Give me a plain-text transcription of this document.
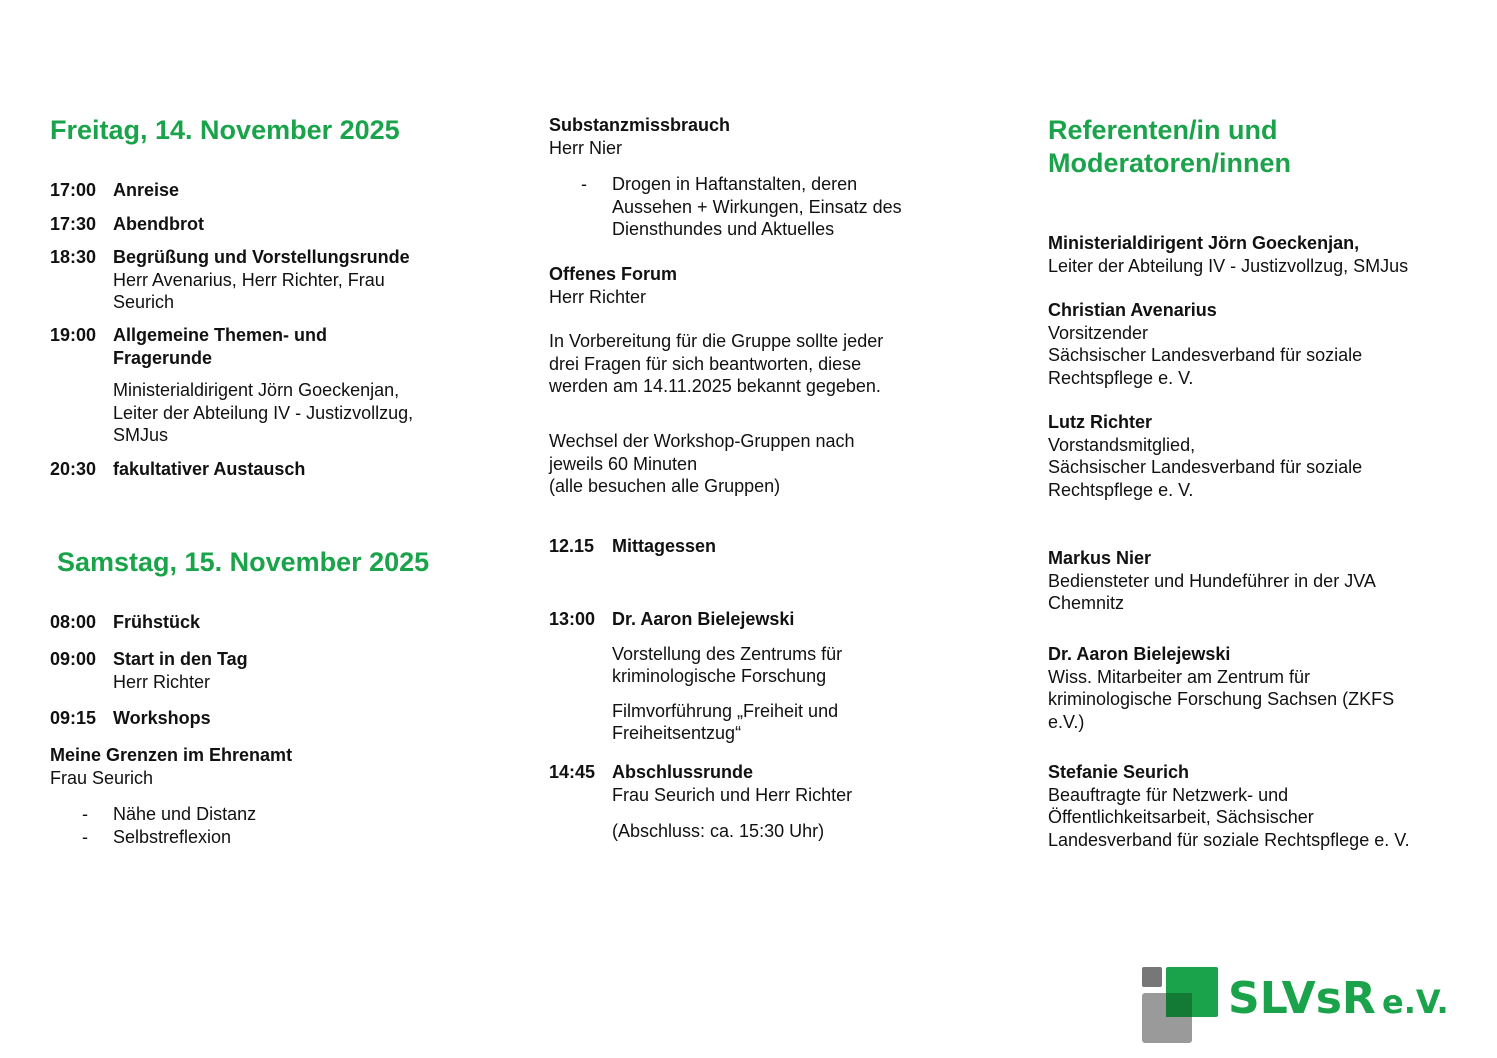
Freitag, 14. November 2025
17:00 Anreise
17:30 Abendbrot
18:30 Begrüßung und Vorstellungsrunde
Herr Avenarius, Herr Richter, Frau
Seurich
19:00 Allgemeine Themen- und
Fragerunde
Ministerialdirigent Jörn Goeckenjan,
Leiter der Abteilung IV - Justizvollzug,
SMJus
20:30 fakultativer Austausch
Samstag, 15. November 2025
08:00 Frühstück
09:00 Start in den Tag
Herr Richter
09:15 Workshops
Meine Grenzen im Ehrenamt
Frau Seurich
- Nähe und Distanz
- Selbstreflexion
Substanzmissbrauch
Herr Nier
- Drogen in Haftanstalten, deren
Aussehen + Wirkungen, Einsatz des
Diensthundes und Aktuelles
Offenes Forum
Herr Richter
In Vorbereitung für die Gruppe sollte jeder
drei Fragen für sich beantworten, diese
werden am 14.11.2025 bekannt gegeben.
Wechsel der Workshop-Gruppen nach
jeweils 60 Minuten
(alle besuchen alle Gruppen)
12.15 Mittagessen
13:00 Dr. Aaron Bielejewski
Vorstellung des Zentrums für
kriminologische Forschung
Filmvorführung „Freiheit und
Freiheitsentzug“
14:45 Abschlussrunde
Frau Seurich und Herr Richter
(Abschluss: ca. 15:30 Uhr)
Referenten/in und
Moderatoren/innen
Ministerialdirigent Jörn Goeckenjan,
Leiter der Abteilung IV - Justizvollzug, SMJus
Christian Avenarius
Vorsitzender
Sächsischer Landesverband für soziale
Rechtspflege e. V.
Lutz Richter
Vorstandsmitglied,
Sächsischer Landesverband für soziale
Rechtspflege e. V.
Markus Nier
Bediensteter und Hundeführer in der JVA
Chemnitz
Dr. Aaron Bielejewski
Wiss. Mitarbeiter am Zentrum für
kriminologische Forschung Sachsen (ZKFS
e.V.)
Stefanie Seurich
Beauftragte für Netzwerk- und
Öffentlichkeitsarbeit, Sächsischer
Landesverband für soziale Rechtspflege e. V.
SLVsR e.V.
